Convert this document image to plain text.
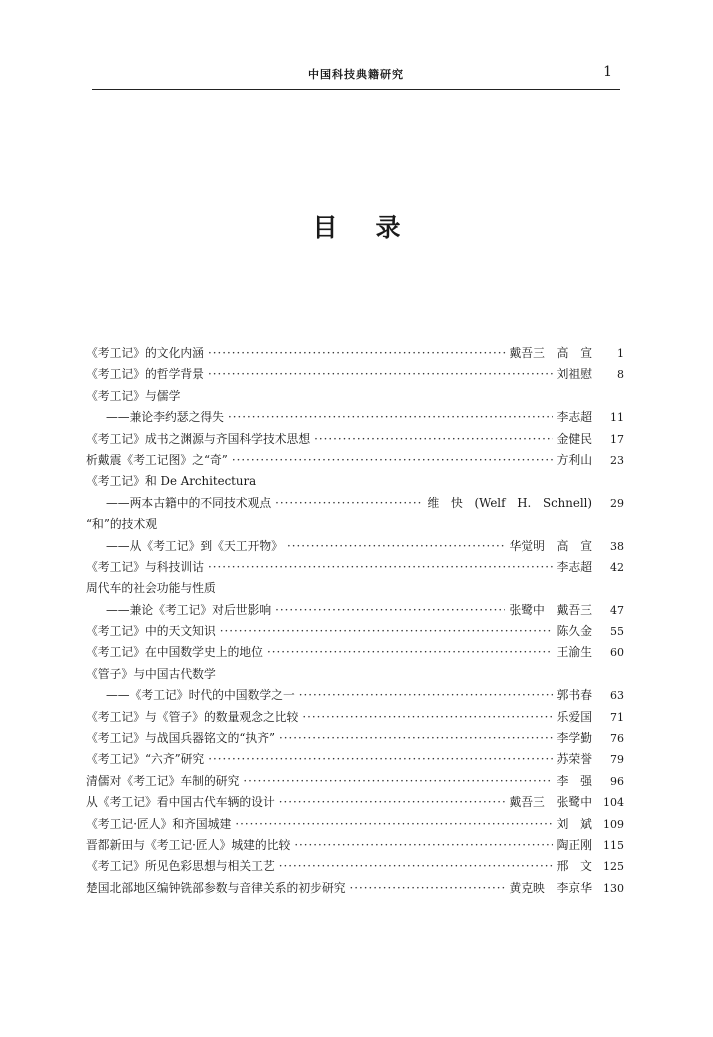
中国科技典籍研究	1
目录
《考工记》的文化内涵 ·····	戴吾三 高 宣	1
《考工记》的哲学背景 ·····	刘祖慰	8
《考工记》与儒学
——兼论李约瑟之得失 ·····	李志超	11
《考工记》成书之渊源与齐国科学技术思想 ·····	金健民	17
析戴震《考工记图》之“奇” ·····	方利山	23
《考工记》和 De Architectura
——两本古籍中的不同技术观点 ·····	维 快 (Welf H. Schnell)	29
“和”的技术观
——从《考工记》到《天工开物》 ·····	华觉明 高 宣	38
《考工记》与科技训诂 ·····	李志超	42
周代车的社会功能与性质
——兼论《考工记》对后世影响 ·····	张鹭中 戴吾三	47
《考工记》中的天文知识 ·····	陈久金	55
《考工记》在中国数学史上的地位 ·····	王渝生	60
《管子》与中国古代数学
——《考工记》时代的中国数学之一 ·····	郭书春	63
《考工记》与《管子》的数量观念之比较 ·····	乐爱国	71
《考工记》与战国兵器铭文的“执齐” ·····	李学勤	76
《考工记》“六齐”研究 ·····	苏荣誉	79
清儒对《考工记》车制的研究 ·····	李 强	96
从《考工记》看中国古代车辆的设计 ·····	戴吾三 张鹭中	104
《考工记·匠人》和齐国城建 ·····	刘 斌	109
晋都新田与《考工记·匠人》城建的比较 ·····	陶正刚	115
《考工记》所见色彩思想与相关工艺 ·····	邢 文	125
楚国北部地区编钟铣部参数与音律关系的初步研究 ·····	黄克映 李京华	130
